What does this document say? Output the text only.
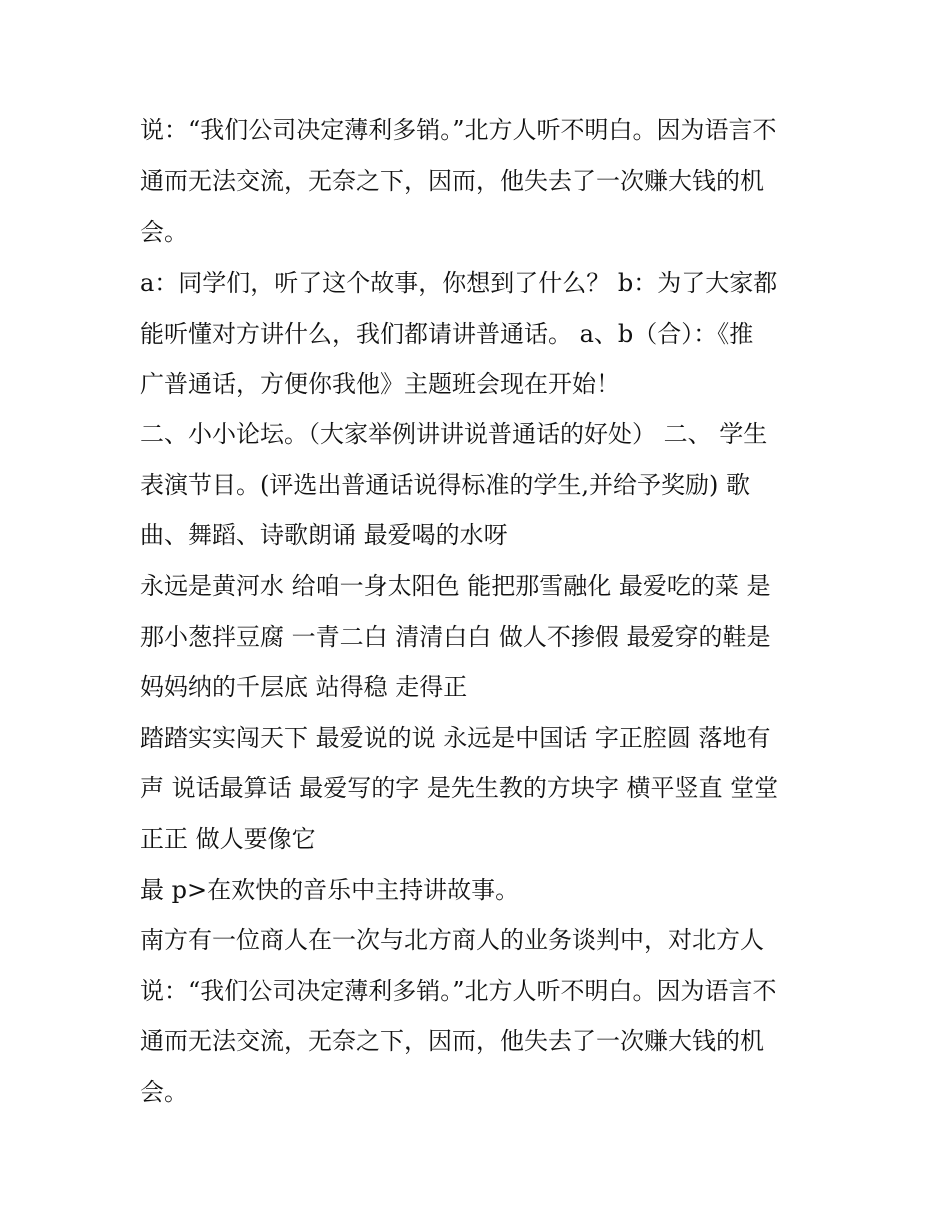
说：“我们公司决定薄利多销。”北方人听不明白。因为语言不

通而无法交流，无奈之下，因而，他失去了一次赚大钱的机

会。

a：同学们，听了这个故事，你想到了什么？ b：为了大家都

能听懂对方讲什么，我们都请讲普通话。 a、b（合）：《推

广普通话，方便你我他》主题班会现在开始！

二、小小论坛。（大家举例讲讲说普通话的好处） 二、 学生

表演节目。(评选出普通话说得标准的学生,并给予奖励) 歌

曲、舞蹈、诗歌朗诵 最爱喝的水呀

永远是黄河水 给咱一身太阳色 能把那雪融化 最爱吃的菜 是

那小葱拌豆腐 一青二白 清清白白 做人不掺假 最爱穿的鞋是

妈妈纳的千层底 站得稳 走得正

踏踏实实闯天下 最爱说的说 永远是中国话 字正腔圆 落地有

声 说话最算话 最爱写的字 是先生教的方块字 横平竖直 堂堂

正正 做人要像它

最 p>在欢快的音乐中主持讲故事。

南方有一位商人在一次与北方商人的业务谈判中，对北方人

说：“我们公司决定薄利多销。”北方人听不明白。因为语言不

通而无法交流，无奈之下，因而，他失去了一次赚大钱的机

会。
